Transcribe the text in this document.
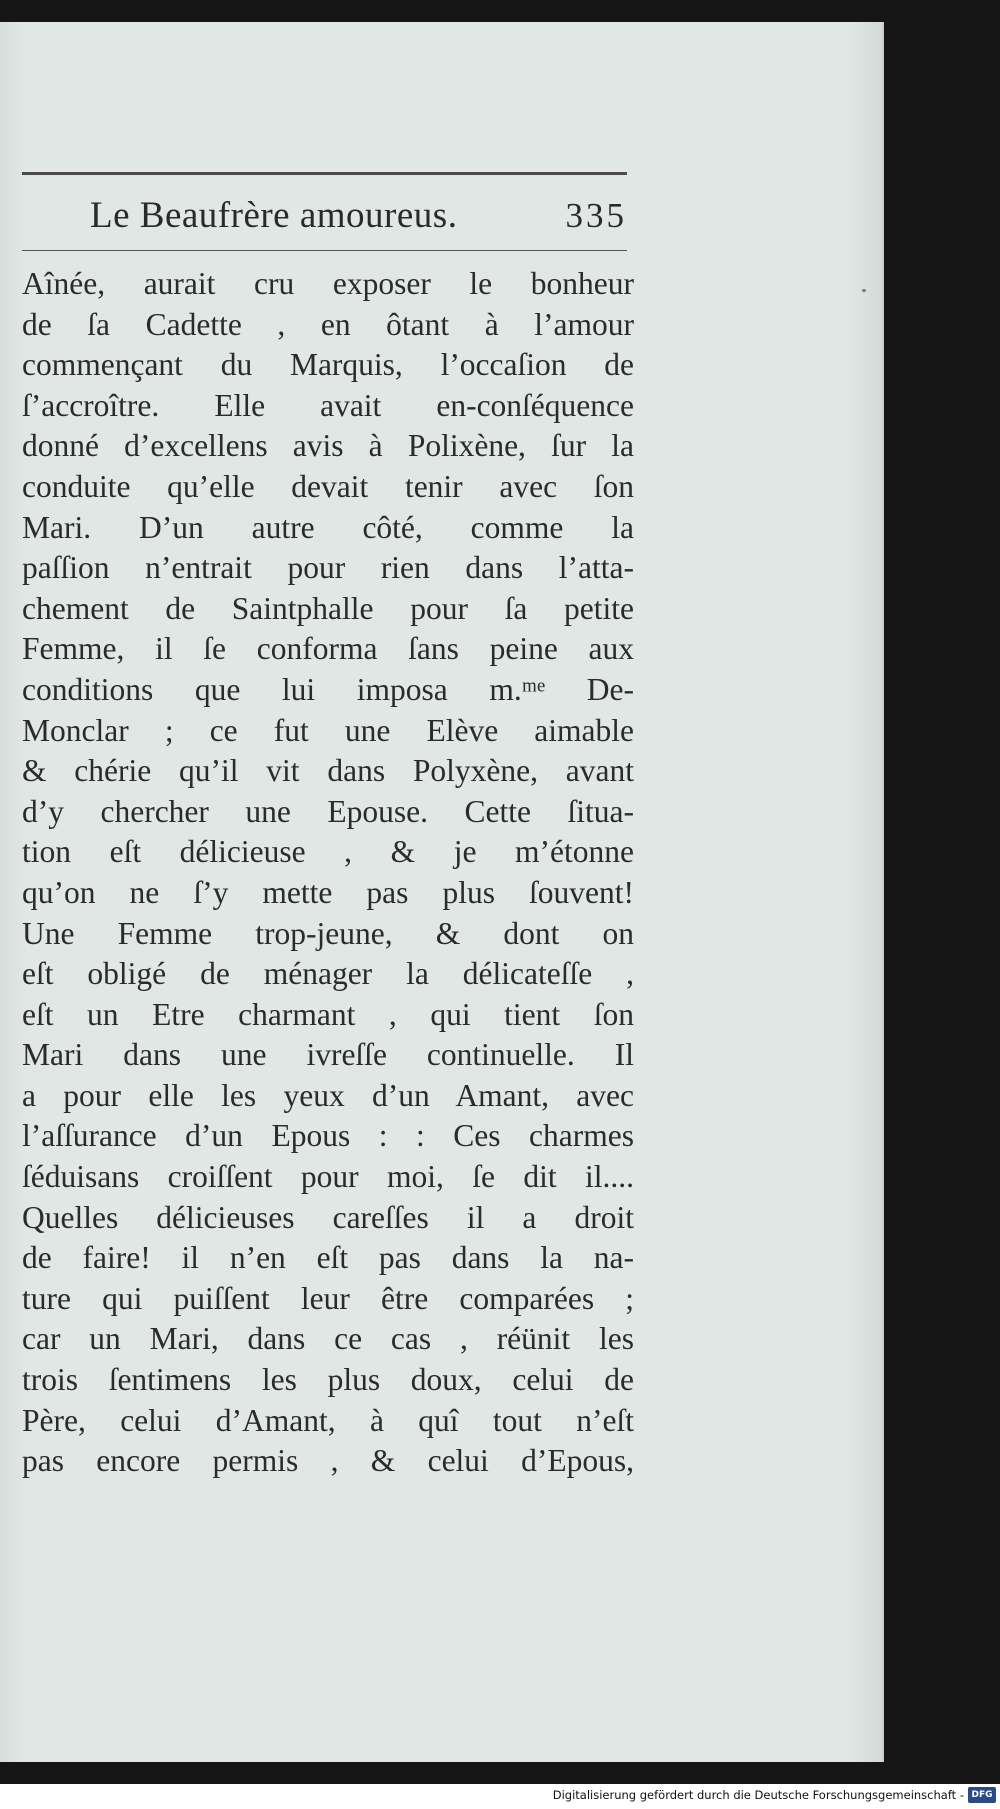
Le Beaufrère amoureus.	335
Aînée, aurait cru exposer le bonheur
de ſa Cadette , en ôtant à l’amour
commençant du Marquis, l’occaſion de
ſ’accroître. Elle avait en-conſéquence
donné d’excellens avis à Polixène, ſur la
conduite qu’elle devait tenir avec ſon
Mari. D’un autre côté, comme la
paſſion n’entrait pour rien dans l’atta-
chement de Saintphalle pour ſa petite
Femme, il ſe conforma ſans peine aux
conditions que lui imposa m.ᵐᵉ De-
Monclar ; ce fut une Elève aimable
& chérie qu’il vit dans Polyxène, avant
d’y chercher une Epouse. Cette ſitua-
tion eſt délicieuse , & je m’étonne
qu’on ne ſ’y mette pas plus ſouvent!
Une Femme trop-jeune, & dont on
eſt obligé de ménager la délicateſſe ,
eſt un Etre charmant , qui tient ſon
Mari dans une ivreſſe continuelle. Il
a pour elle les yeux d’un Amant, avec
l’aſſurance d’un Epous : : Ces charmes
ſéduisans croiſſent pour moi, ſe dit il....
Quelles délicieuses careſſes il a droit
de faire! il n’en eſt pas dans la na-
ture qui puiſſent leur être comparées ;
car un Mari, dans ce cas , réünit les
trois ſentimens les plus doux, celui de
Père, celui d’Amant, à quî tout n’eſt
pas encore permis , & celui d’Epous,
Digitalisierung gefördert durch die Deutsche Forschungsgemeinschaft - DFG
